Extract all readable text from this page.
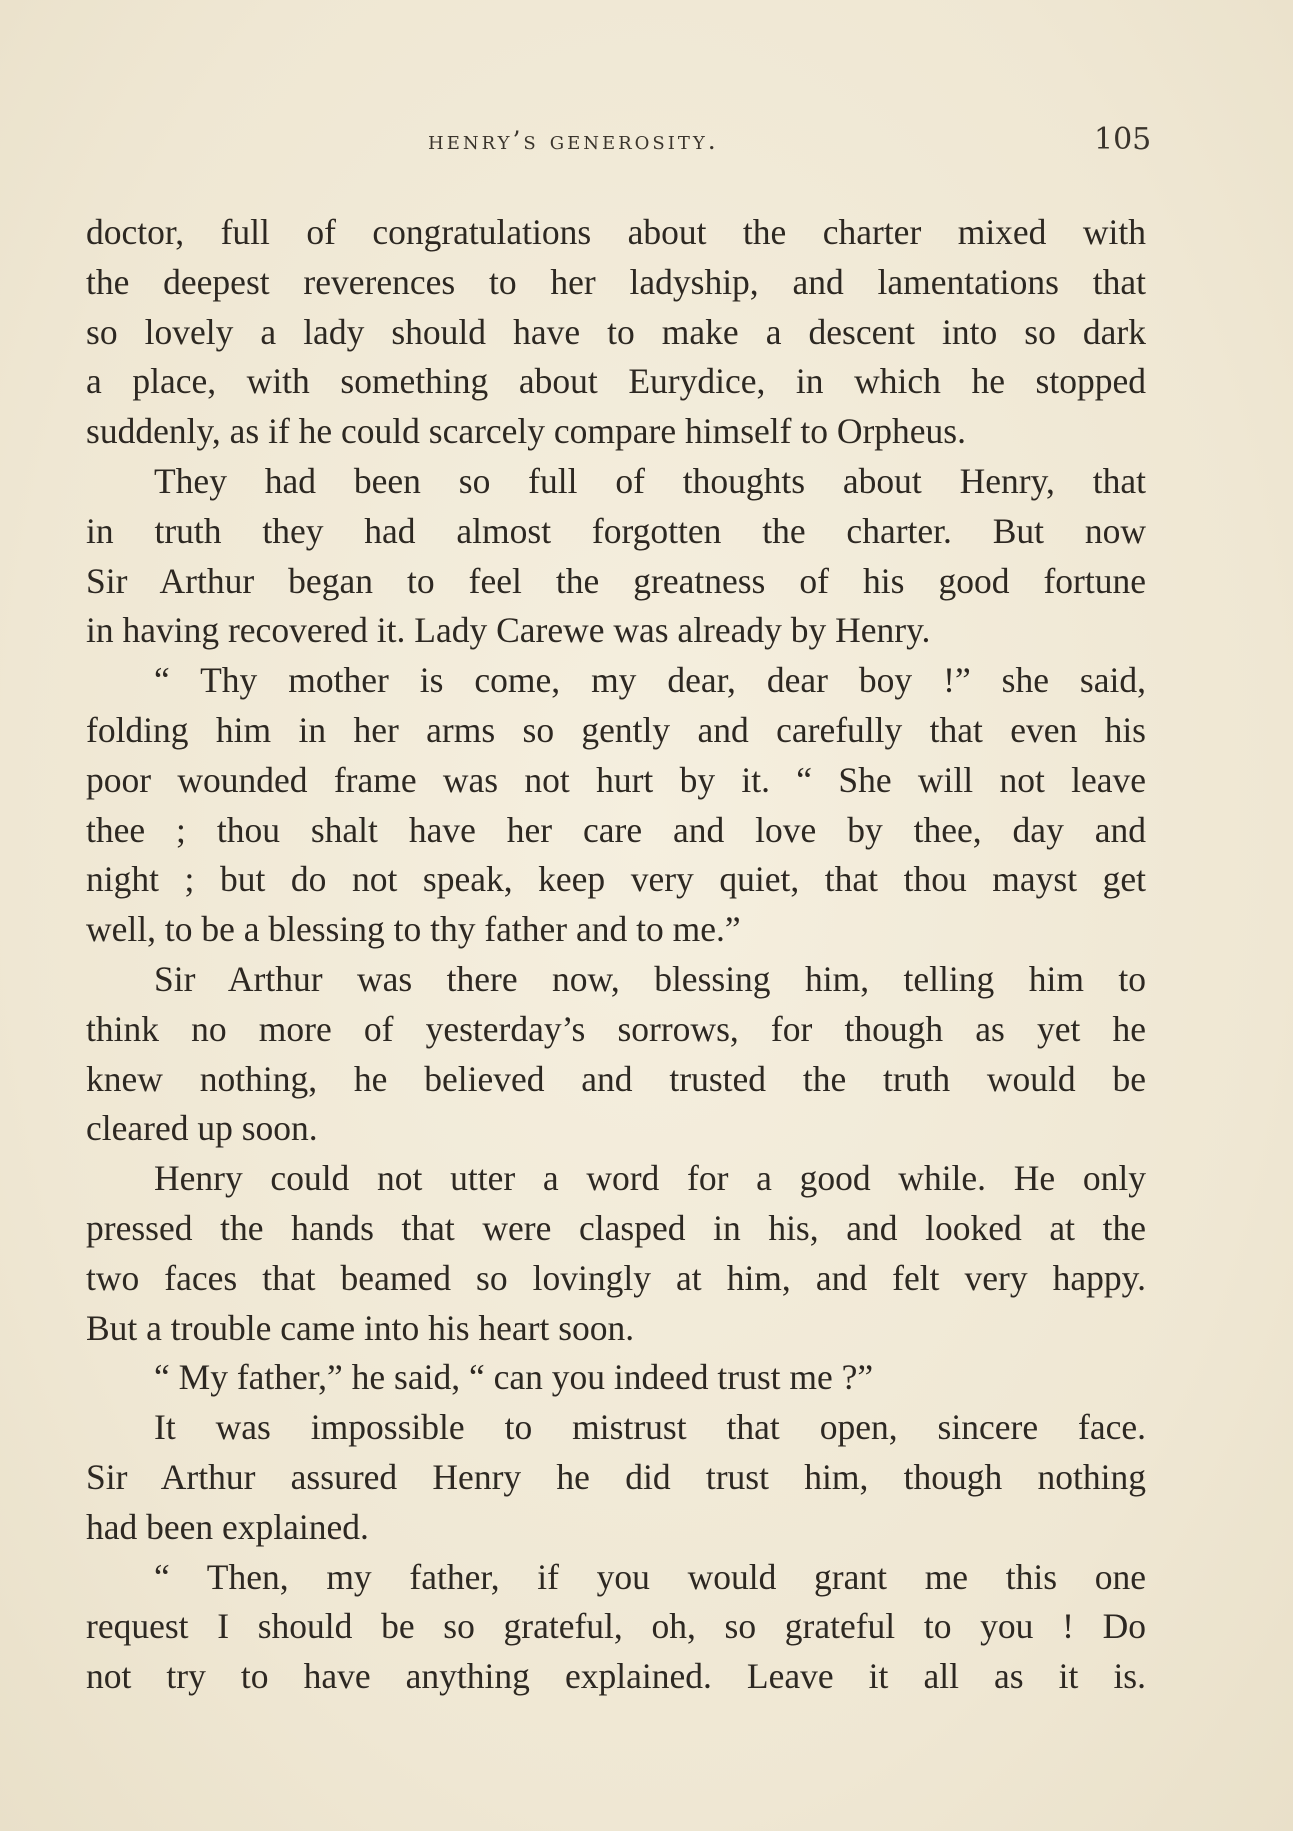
henry’s generosity.	105
doctor, full of congratulations about the charter mixed with
the deepest reverences to her ladyship, and lamentations that
so lovely a lady should have to make a descent into so dark
a place, with something about Eurydice, in which he stopped
suddenly, as if he could scarcely compare himself to Orpheus.
They had been so full of thoughts about Henry, that
in truth they had almost forgotten the charter. But now
Sir Arthur began to feel the greatness of his good fortune
in having recovered it. Lady Carewe was already by Henry.
“ Thy mother is come, my dear, dear boy !” she said,
folding him in her arms so gently and carefully that even his
poor wounded frame was not hurt by it. “ She will not leave
thee ; thou shalt have her care and love by thee, day and
night ; but do not speak, keep very quiet, that thou mayst get
well, to be a blessing to thy father and to me.”
Sir Arthur was there now, blessing him, telling him to
think no more of yesterday’s sorrows, for though as yet he
knew nothing, he believed and trusted the truth would be
cleared up soon.
Henry could not utter a word for a good while. He only
pressed the hands that were clasped in his, and looked at the
two faces that beamed so lovingly at him, and felt very happy.
But a trouble came into his heart soon.
“ My father,” he said, “ can you indeed trust me ?”
It was impossible to mistrust that open, sincere face.
Sir Arthur assured Henry he did trust him, though nothing
had been explained.
“ Then, my father, if you would grant me this one
request I should be so grateful, oh, so grateful to you ! Do
not try to have anything explained. Leave it all as it is.
